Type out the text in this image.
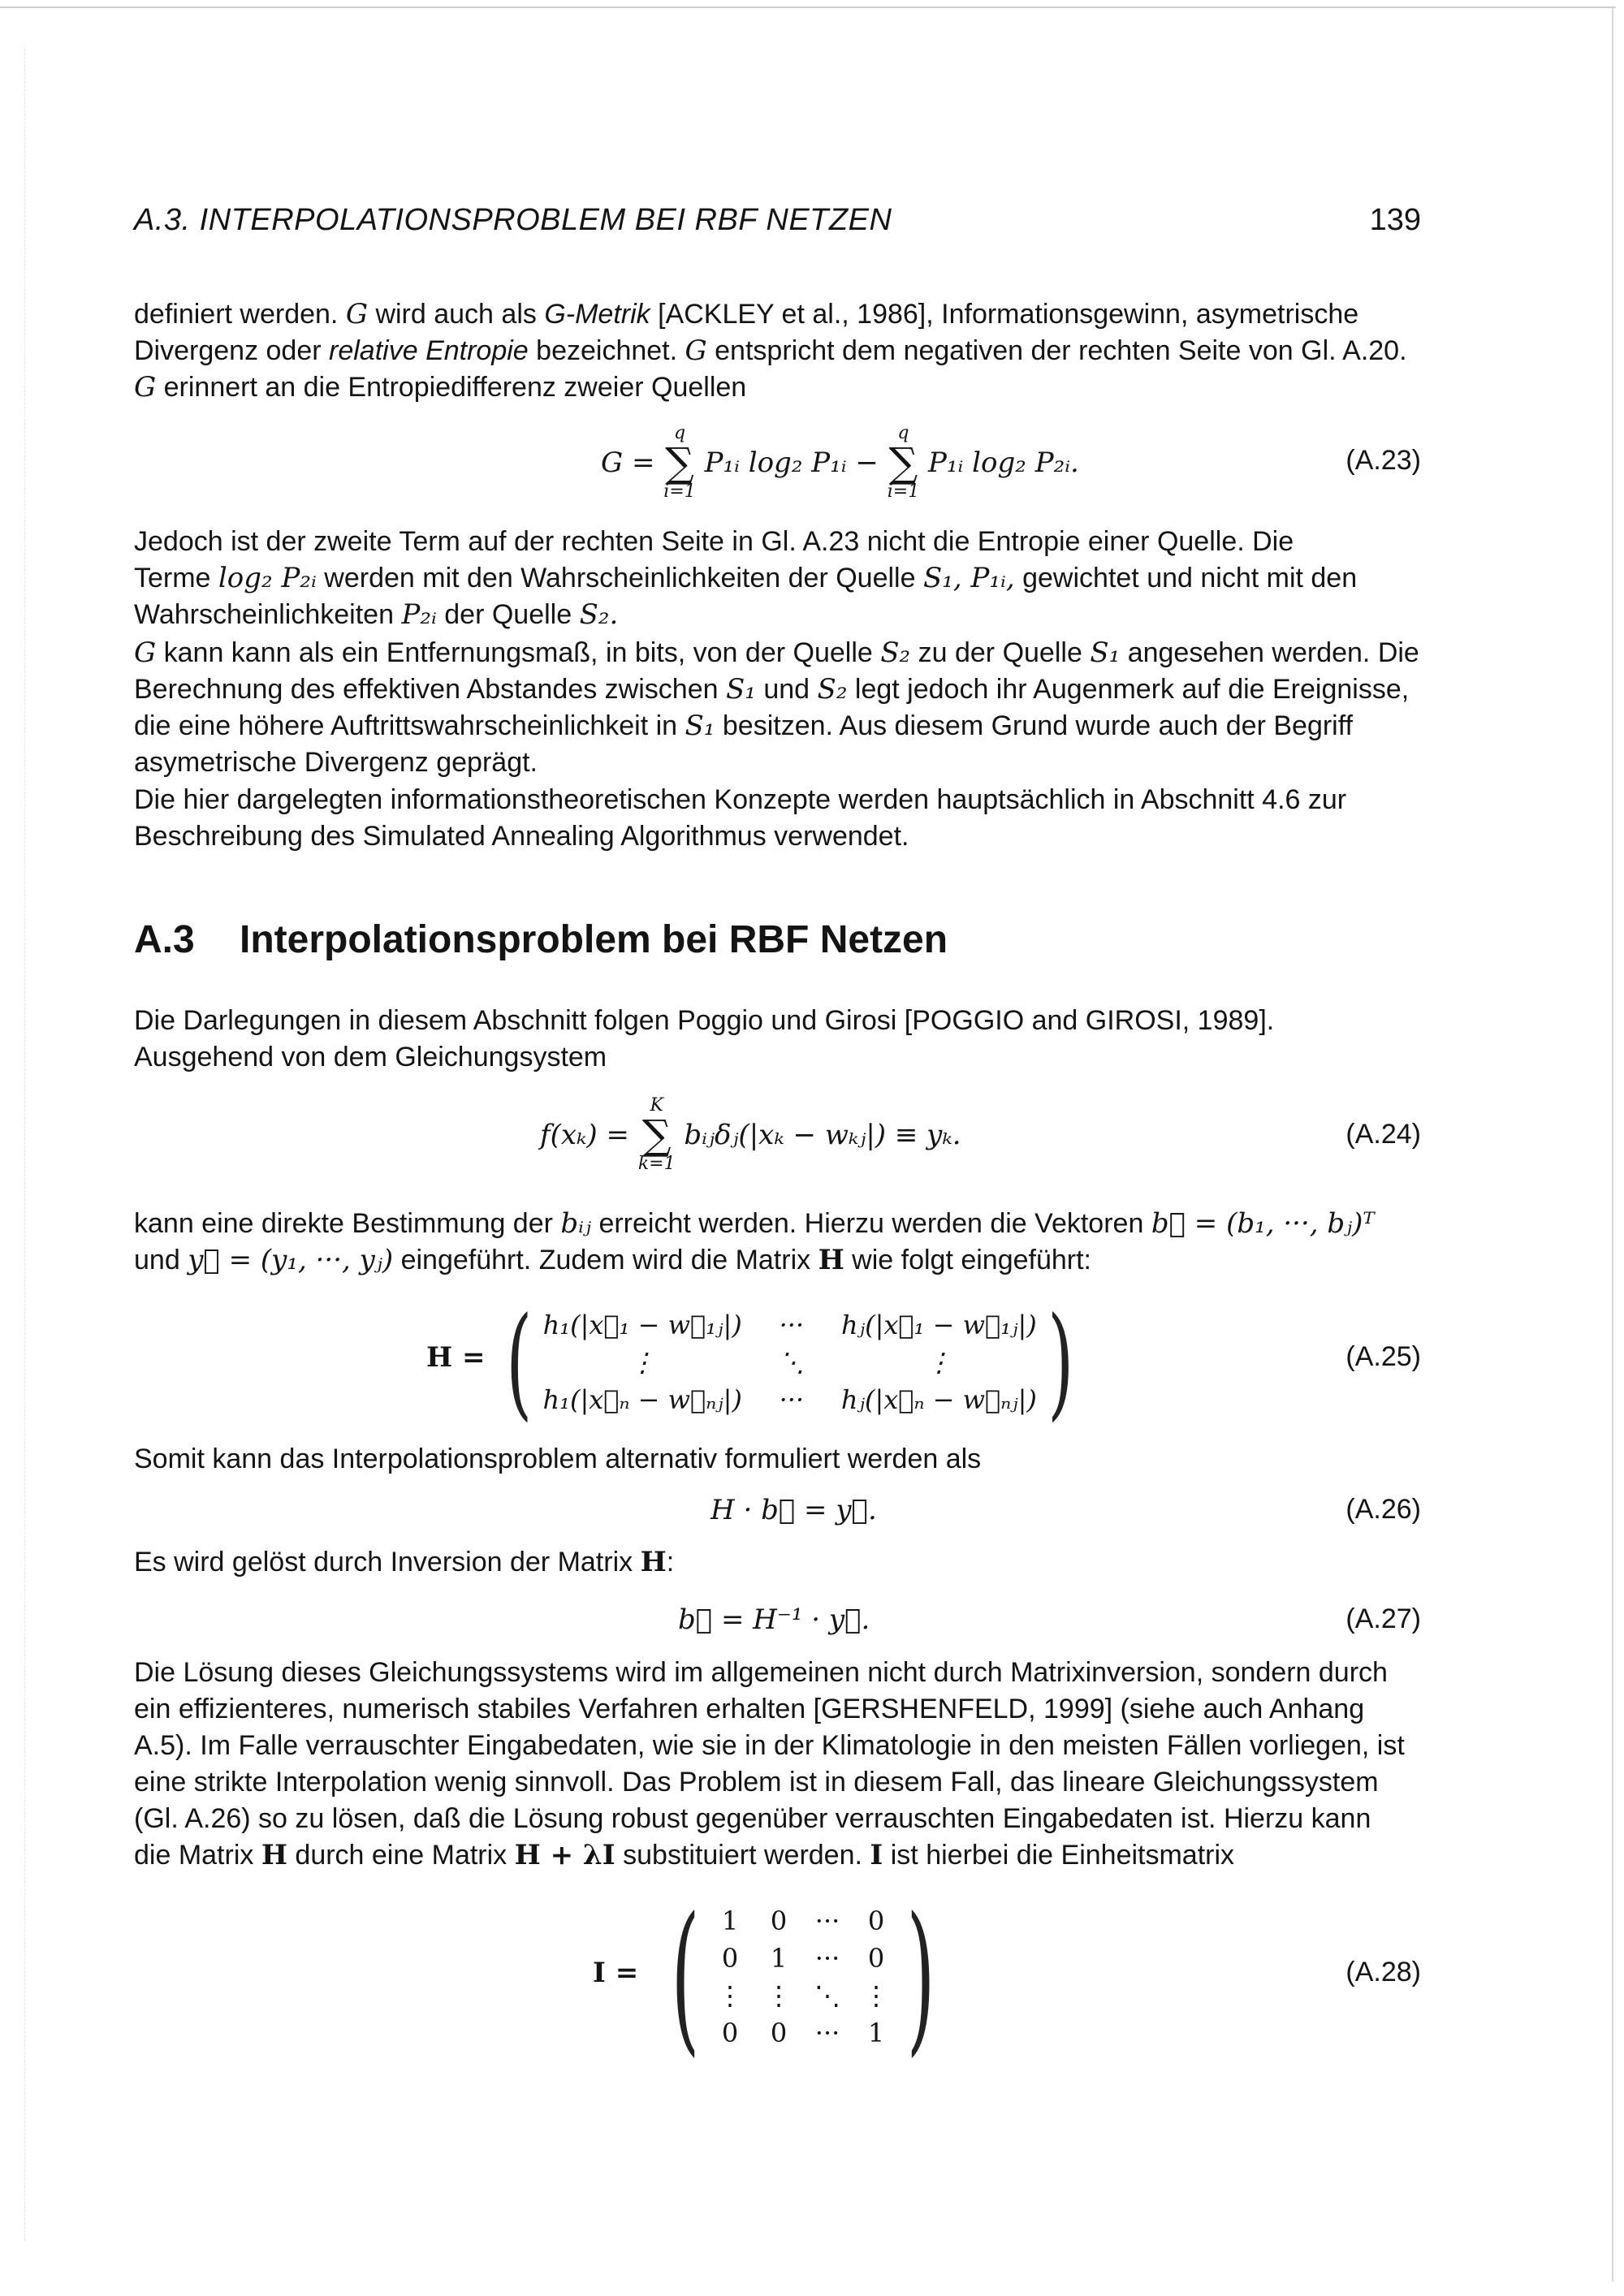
A.3. INTERPOLATIONSPROBLEM BEI RBF NETZEN	139

definiert werden. G wird auch als G-Metrik [ACKLEY et al., 1986], Informationsgewinn, asymetrische

Divergenz oder relative Entropie bezeichnet. G entspricht dem negativen der rechten Seite von Gl. A.20.

G erinnert an die Entropiedifferenz zweier Quellen

G =

q
∑
i=1

P₁ᵢ log₂ P₁ᵢ −

q
∑
i=1

P₁ᵢ log₂ P₂ᵢ.	(A.23)

Jedoch ist der zweite Term auf der rechten Seite in Gl. A.23 nicht die Entropie einer Quelle. Die

Terme log₂ P₂ᵢ werden mit den Wahrscheinlichkeiten der Quelle S₁, P₁ᵢ, gewichtet und nicht mit den

Wahrscheinlichkeiten P₂ᵢ der Quelle S₂.

G kann kann als ein Entfernungsmaß, in bits, von der Quelle S₂ zu der Quelle S₁ angesehen werden. Die

Berechnung des effektiven Abstandes zwischen S₁ und S₂ legt jedoch ihr Augenmerk auf die Ereignisse,

die eine höhere Auftrittswahrscheinlichkeit in S₁ besitzen. Aus diesem Grund wurde auch der Begriff

asymetrische Divergenz geprägt.

Die hier dargelegten informationstheoretischen Konzepte werden hauptsächlich in Abschnitt 4.6 zur

Beschreibung des Simulated Annealing Algorithmus verwendet.

A.3 Interpolationsproblem bei RBF Netzen

Die Darlegungen in diesem Abschnitt folgen Poggio und Girosi [POGGIO and GIROSI, 1989].

Ausgehend von dem Gleichungsystem

f(xₖ) =

K
∑
k=1

bᵢⱼδⱼ(|xₖ − wₖⱼ|) ≡ yₖ.	(A.24)

kann eine direkte Bestimmung der bᵢⱼ erreicht werden. Hierzu werden die Vektoren b⃗ = (b₁, ···, bⱼ)ᵀ

und y⃗ = (y₁, ···, yⱼ) eingeführt. Zudem wird die Matrix H wie folgt eingeführt:

H = ( h₁(|x⃗₁ − w⃗₁ⱼ|) ··· hⱼ(|x⃗₁ − w⃗₁ⱼ|)
⋮	⋱	⋮
h₁(|x⃗ₙ − w⃗ₙⱼ|) ··· hⱼ(|x⃗ₙ − w⃗ₙⱼ|) )	(A.25)

Somit kann das Interpolationsproblem alternativ formuliert werden als

H · b⃗ = y⃗.	(A.26)

Es wird gelöst durch Inversion der Matrix H:

b⃗ = H⁻¹ · y⃗.	(A.27)

Die Lösung dieses Gleichungssystems wird im allgemeinen nicht durch Matrixinversion, sondern durch

ein effizienteres, numerisch stabiles Verfahren erhalten [GERSHENFELD, 1999] (siehe auch Anhang

A.5). Im Falle verrauschter Eingabedaten, wie sie in der Klimatologie in den meisten Fällen vorliegen, ist

eine strikte Interpolation wenig sinnvoll. Das Problem ist in diesem Fall, das lineare Gleichungssystem

(Gl. A.26) so zu lösen, daß die Lösung robust gegenüber verrauschten Eingabedaten ist. Hierzu kann

die Matrix H durch eine Matrix H + λI substituiert werden. I ist hierbei die Einheitsmatrix

I = ( 1 0 ··· 0
0 1 ··· 0
⋮ ⋮ ⋱ ⋮
0 0 ··· 1 )	(A.28)
